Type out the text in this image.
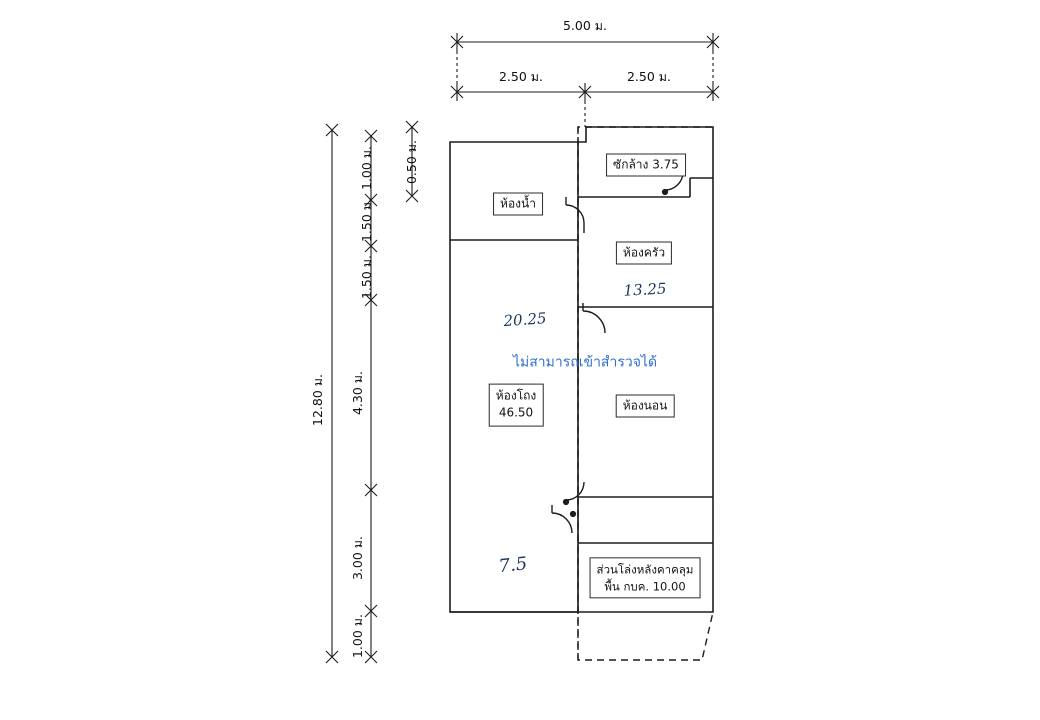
5.00 ม.
2.50 ม.	2.50 ม.
12.80 ม. 4.30 ม.
3.00 ม.
1.00 ม.
1.50 ม.
1.50 ม.
1.00 ม. 0.50 ม.
ห้องน้ำ
ซักล้าง 3.75
ห้องครัว
ห้องโถง
46.50
ห้องนอน
ส่วนโล่งหลังคาคลุม
พื้น กบค. 10.00
ไม่สามารถเข้าสำรวจได้
20.25
13.25
7.5
